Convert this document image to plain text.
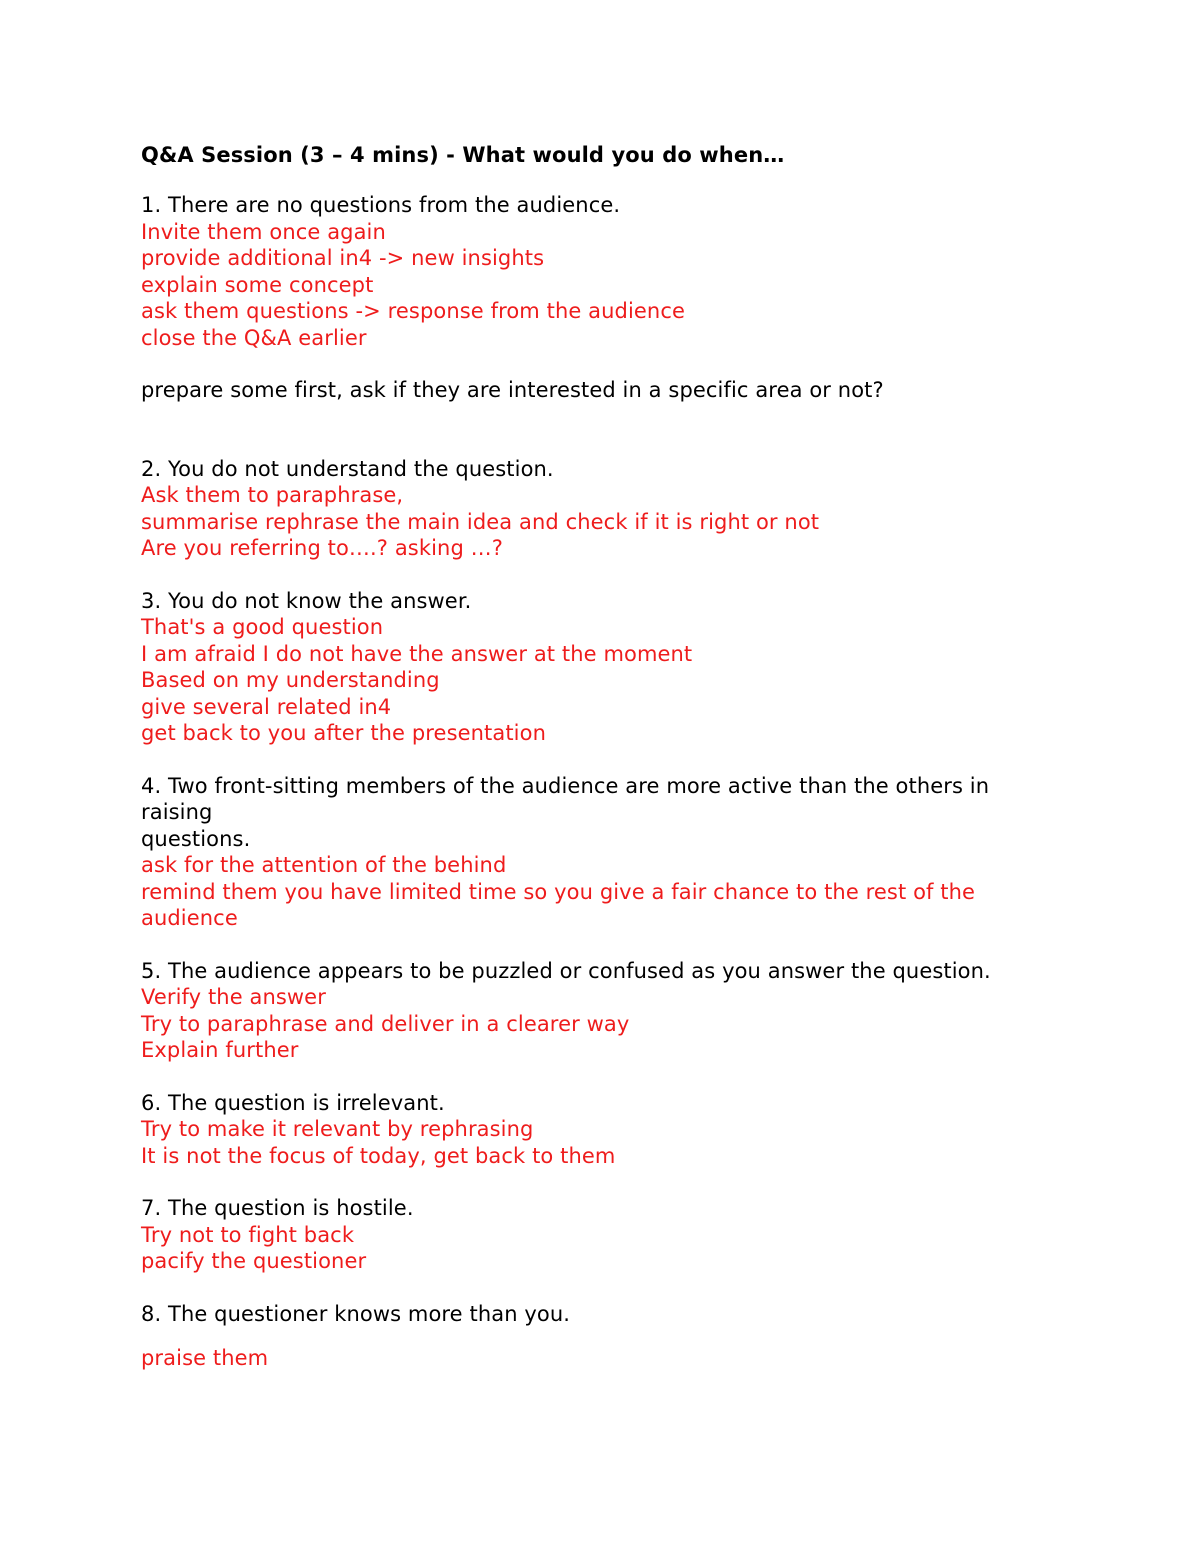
Q&A Session (3 – 4 mins) - What would you do when…
1. There are no questions from the audience.
Invite them once again
provide additional in4 -> new insights
explain some concept
ask them questions -> response from the audience
close the Q&A earlier
prepare some first, ask if they are interested in a specific area or not?
2. You do not understand the question.
Ask them to paraphrase,
summarise rephrase the main idea and check if it is right or not
Are you referring to….? asking …?
3. You do not know the answer.
That's a good question
I am afraid I do not have the answer at the moment
Based on my understanding
give several related in4
get back to you after the presentation
4. Two front-sitting members of the audience are more active than the others in
raising
questions.
ask for the attention of the behind
remind them you have limited time so you give a fair chance to the rest of the
audience
5. The audience appears to be puzzled or confused as you answer the question.
Verify the answer
Try to paraphrase and deliver in a clearer way
Explain further
6. The question is irrelevant.
Try to make it relevant by rephrasing
It is not the focus of today, get back to them
7. The question is hostile.
Try not to fight back
pacify the questioner
8. The questioner knows more than you.
praise them
